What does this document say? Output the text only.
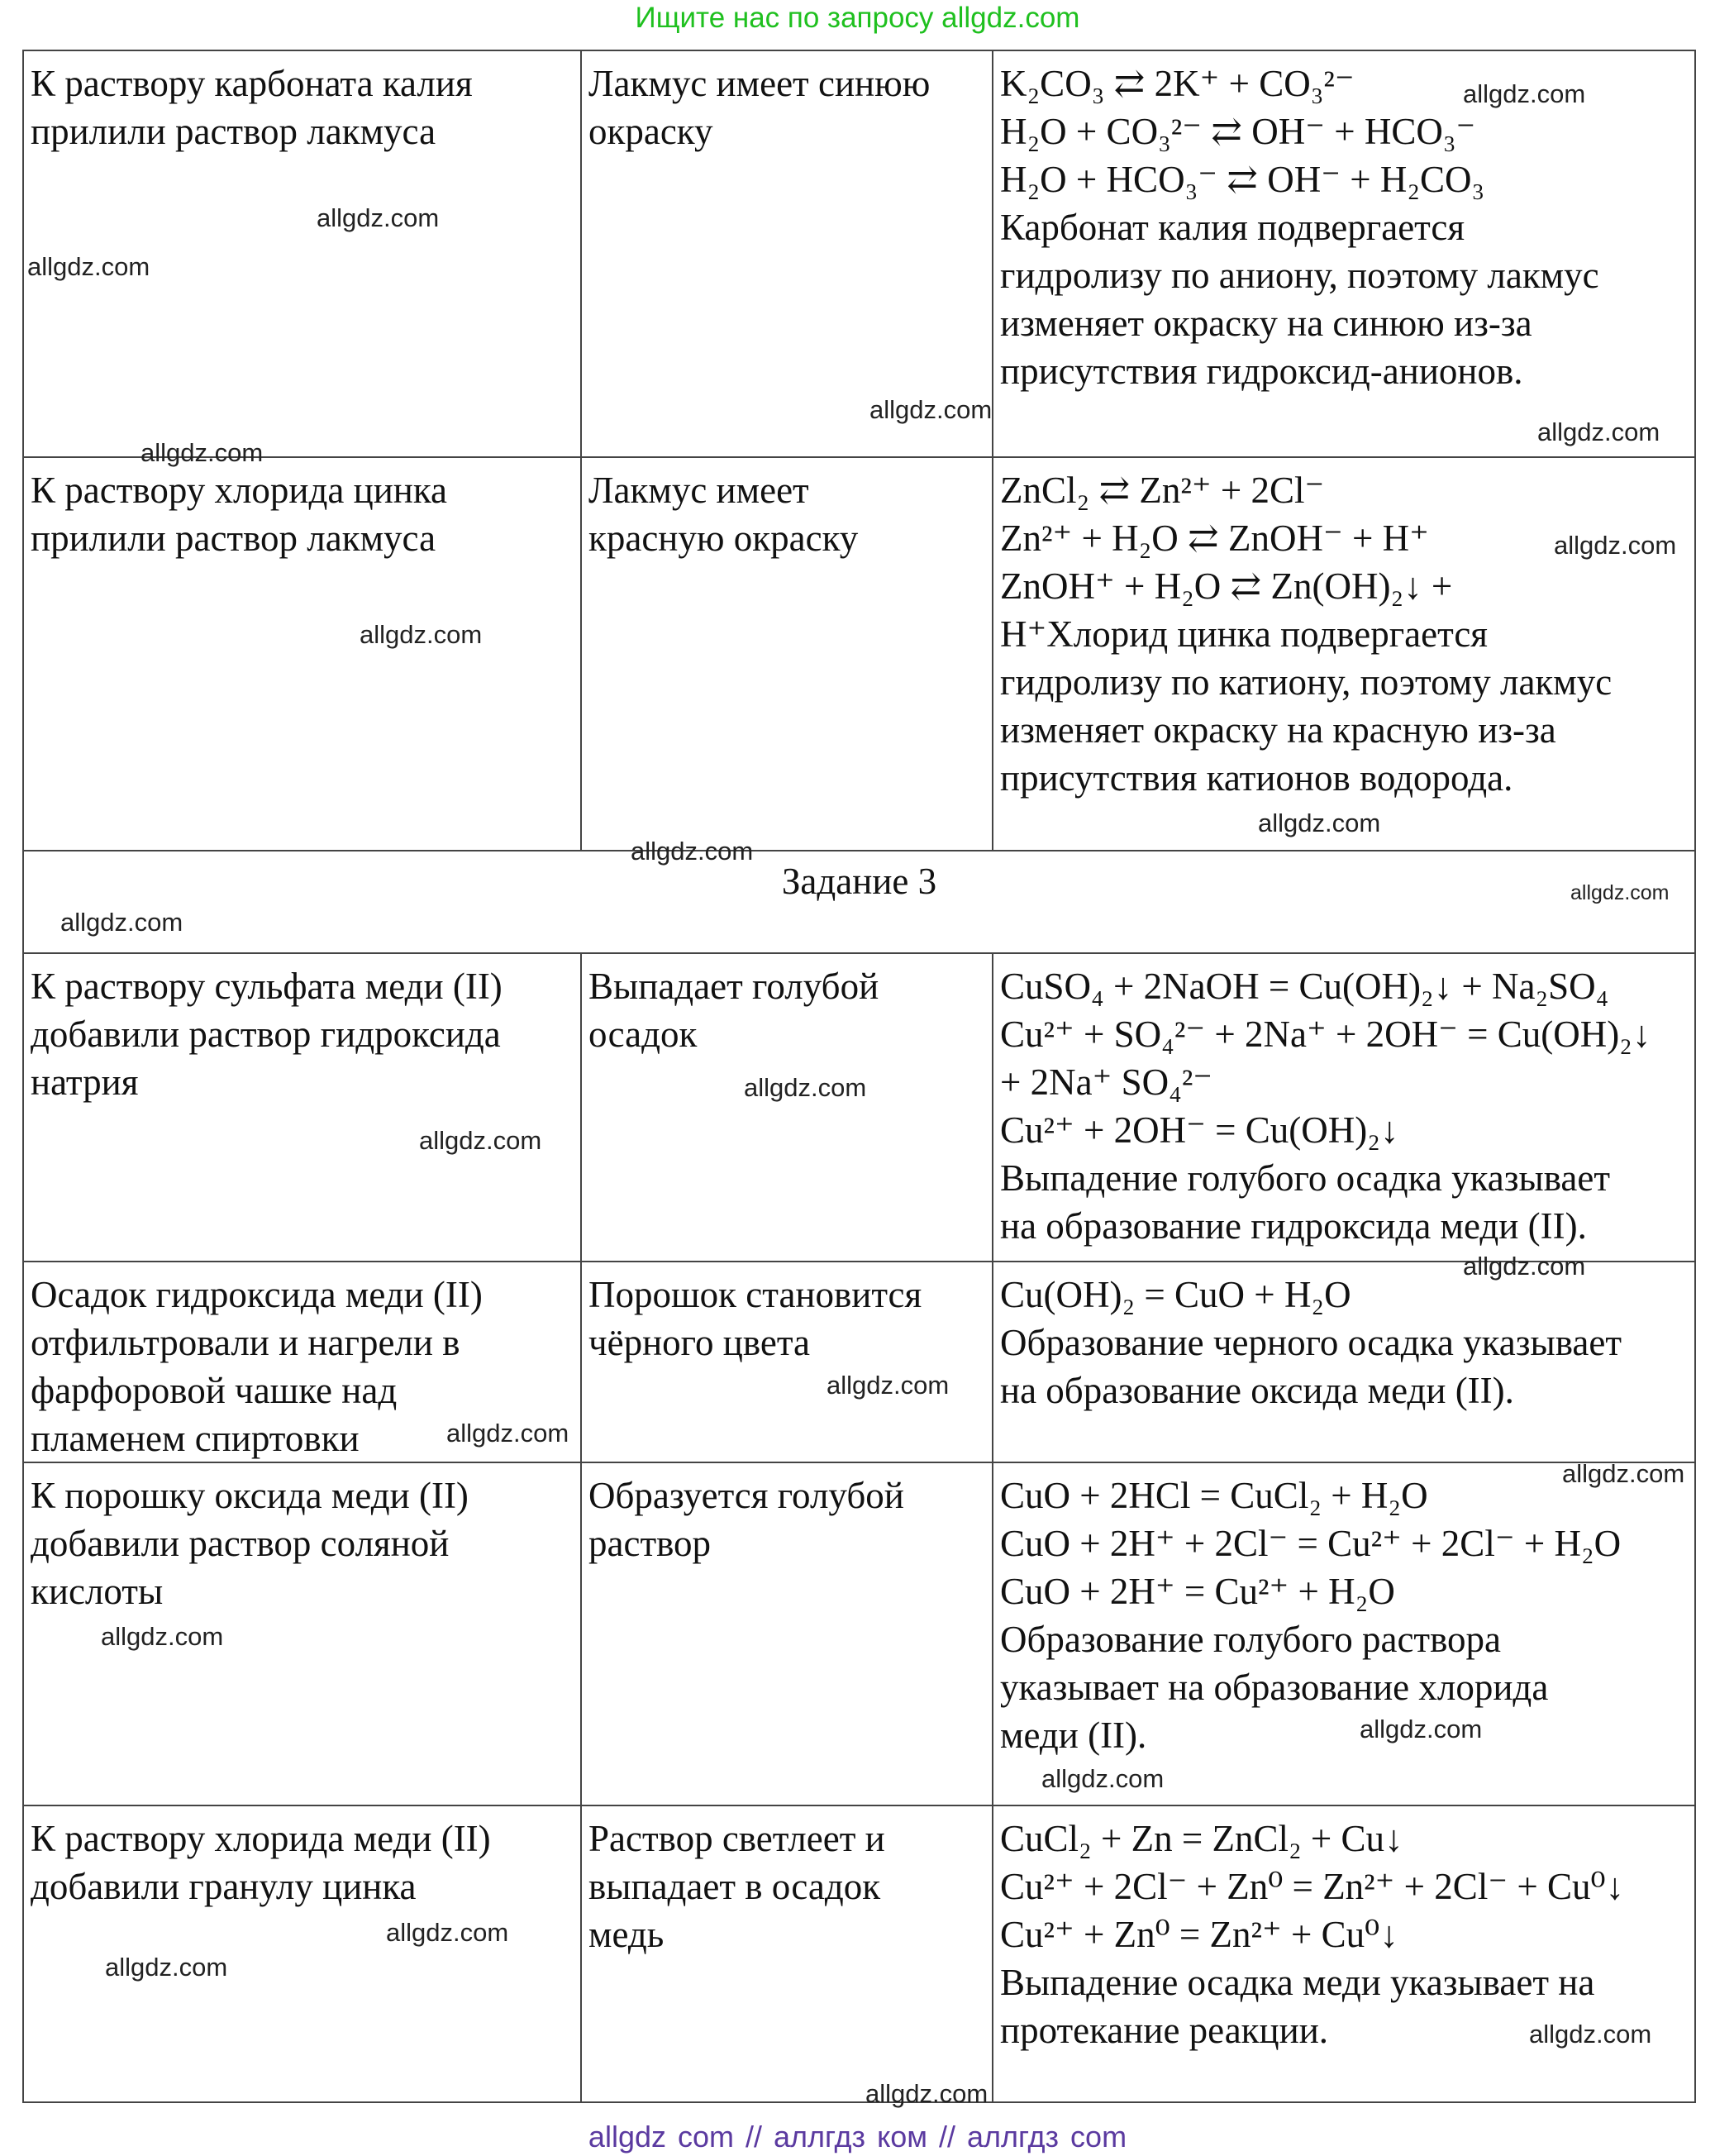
Ищите нас по запросу allgdz.com
К раствору карбоната калия
прилили раствор лакмуса
Лакмус имеет синюю
окраску
K₂CO₃ ⇄ 2K⁺ + CO₃²⁻
H₂O + CO₃²⁻ ⇄ OH⁻ + HCO₃⁻
H₂O + HCO₃⁻ ⇄ OH⁻ + H₂CO₃
Карбонат калия подвергается
гидролизу по аниону, поэтому лакмус
изменяет окраску на синюю из-за
присутствия гидроксид-анионов.
К раствору хлорида цинка
прилили раствор лакмуса
Лакмус имеет
красную окраску
ZnCl₂ ⇄ Zn²⁺ + 2Cl⁻
Zn²⁺ + H₂O ⇄ ZnOH⁻ + H⁺
ZnOH⁺ + H₂O ⇄ Zn(OH)₂↓ +
H⁺Хлорид цинка подвергается
гидролизу по катиону, поэтому лакмус
изменяет окраску на красную из-за
присутствия катионов водорода.
Задание 3
К раствору сульфата меди (II)
добавили раствор гидроксида
натрия
Выпадает голубой
осадок
CuSO₄ + 2NaOH = Cu(OH)₂↓ + Na₂SO₄
Cu²⁺ + SO₄²⁻ + 2Na⁺ + 2OH⁻ = Cu(OH)₂↓
+ 2Na⁺ SO₄²⁻
Cu²⁺ + 2OH⁻ = Cu(OH)₂↓
Выпадение голубого осадка указывает
на образование гидроксида меди (II).
Осадок гидроксида меди (II)
отфильтровали и нагрели в
фарфоровой чашке над
пламенем спиртовки
Порошок становится
чёрного цвета
Cu(OH)₂ = CuO + H₂O
Образование черного осадка указывает
на образование оксида меди (II).
К порошку оксида меди (II)
добавили раствор соляной
кислоты
Образуется голубой
раствор
CuO + 2HCl = CuCl₂ + H₂O
CuO + 2H⁺ + 2Cl⁻ = Cu²⁺ + 2Cl⁻ + H₂O
CuO + 2H⁺ = Cu²⁺ + H₂O
Образование голубого раствора
указывает на образование хлорида
меди (II).
К раствору хлорида меди (II)
добавили гранулу цинка
Раствор светлеет и
выпадает в осадок
медь
CuCl₂ + Zn = ZnCl₂ + Cu↓
Cu²⁺ + 2Cl⁻ + Zn⁰ = Zn²⁺ + 2Cl⁻ + Cu⁰↓
Cu²⁺ + Zn⁰ = Zn²⁺ + Cu⁰↓
Выпадение осадка меди указывает на
протекание реакции.
allgdz.com
allgdz.com
allgdz.com
allgdz.com
allgdz.com
allgdz.com
allgdz.com
allgdz.com
allgdz.com
allgdz.com
allgdz.com
allgdz.com
allgdz.com
allgdz.com
allgdz.com
allgdz.com
allgdz.com
allgdz.com
allgdz.com
allgdz.com
allgdz.com
allgdz.com
allgdz.com
allgdz.com
allgdz.com
allgdz com // аллгдз ком // аллгдз com
